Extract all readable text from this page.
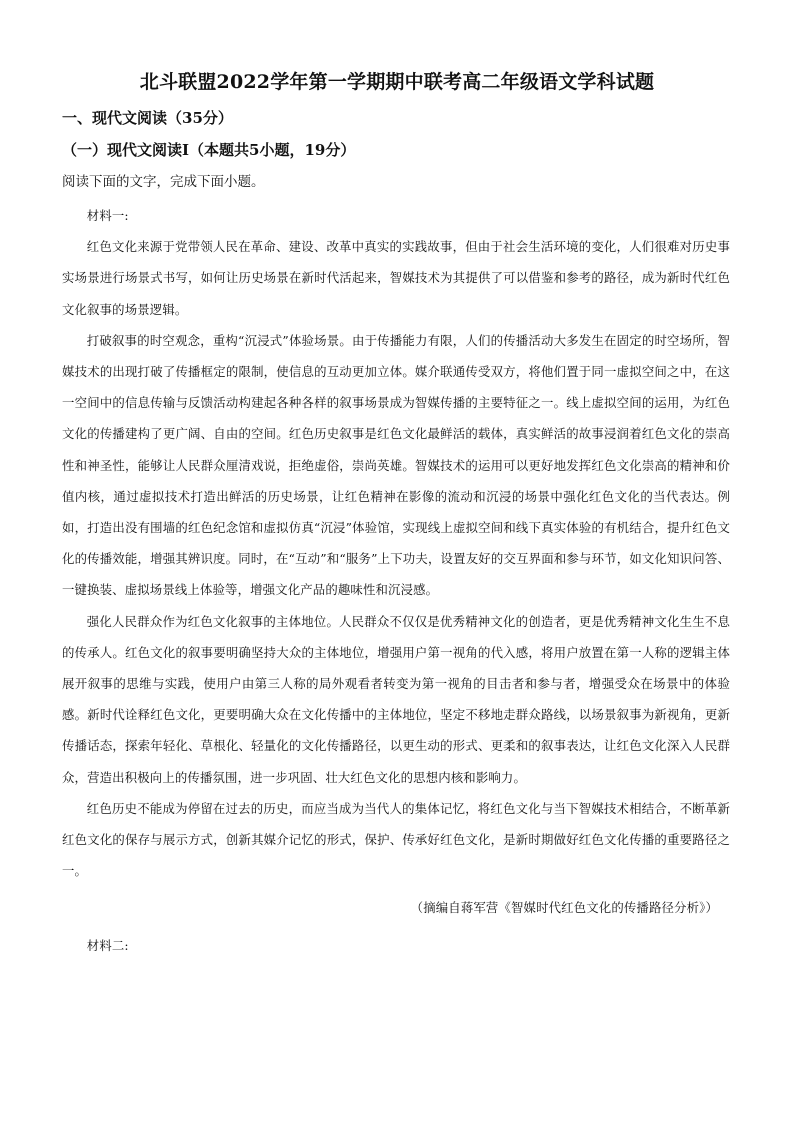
北斗联盟2022学年第一学期期中联考高二年级语文学科试题
一、现代文阅读（35分）
（一）现代文阅读Ⅰ（本题共5小题，19分）
阅读下面的文字，完成下面小题。

材料一:

红色文化来源于党带领人民在革命、建设、改革中真实的实践故事，但由于社会生活环境的变化，人们很难对历史事实场景进行场景式书写，如何让历史场景在新时代活起来，智媒技术为其提供了可以借鉴和参考的路径，成为新时代红色文化叙事的场景逻辑。

打破叙事的时空观念，重构“沉浸式”体验场景。由于传播能力有限，人们的传播活动大多发生在固定的时空场所，智媒技术的出现打破了传播框定的限制，使信息的互动更加立体。媒介联通传受双方，将他们置于同一虚拟空间之中，在这一空间中的信息传输与反馈活动构建起各种各样的叙事场景成为智媒传播的主要特征之一。线上虚拟空间的运用，为红色文化的传播建构了更广阔、自由的空间。红色历史叙事是红色文化最鲜活的载体，真实鲜活的故事浸润着红色文化的崇高性和神圣性，能够让人民群众厘清戏说，拒绝虚俗，崇尚英雄。智媒技术的运用可以更好地发挥红色文化崇高的精神和价值内核，通过虚拟技术打造出鲜活的历史场景，让红色精神在影像的流动和沉浸的场景中强化红色文化的当代表达。例如，打造出没有围墙的红色纪念馆和虚拟仿真“沉浸”体验馆，实现线上虚拟空间和线下真实体验的有机结合，提升红色文化的传播效能，增强其辨识度。同时，在“互动”和“服务”上下功夫，设置友好的交互界面和参与环节，如文化知识问答、一键换装、虚拟场景线上体验等，增强文化产品的趣味性和沉浸感。

强化人民群众作为红色文化叙事的主体地位。人民群众不仅仅是优秀精神文化的创造者，更是优秀精神文化生生不息的传承人。红色文化的叙事要明确坚持大众的主体地位，增强用户第一视角的代入感，将用户放置在第一人称的逻辑主体展开叙事的思维与实践，使用户由第三人称的局外观看者转变为第一视角的目击者和参与者，增强受众在场景中的体验感。新时代诠释红色文化，更要明确大众在文化传播中的主体地位，坚定不移地走群众路线，以场景叙事为新视角，更新传播话态，探索年轻化、草根化、轻量化的文化传播路径，以更生动的形式、更柔和的叙事表达，让红色文化深入人民群众，营造出积极向上的传播氛围，进一步巩固、壮大红色文化的思想内核和影响力。

红色历史不能成为停留在过去的历史，而应当成为当代人的集体记忆，将红色文化与当下智媒技术相结合，不断革新红色文化的保存与展示方式，创新其媒介记忆的形式，保护、传承好红色文化，是新时期做好红色文化传播的重要路径之一。

（摘编自蒋军营《智媒时代红色文化的传播路径分析》）

材料二:
